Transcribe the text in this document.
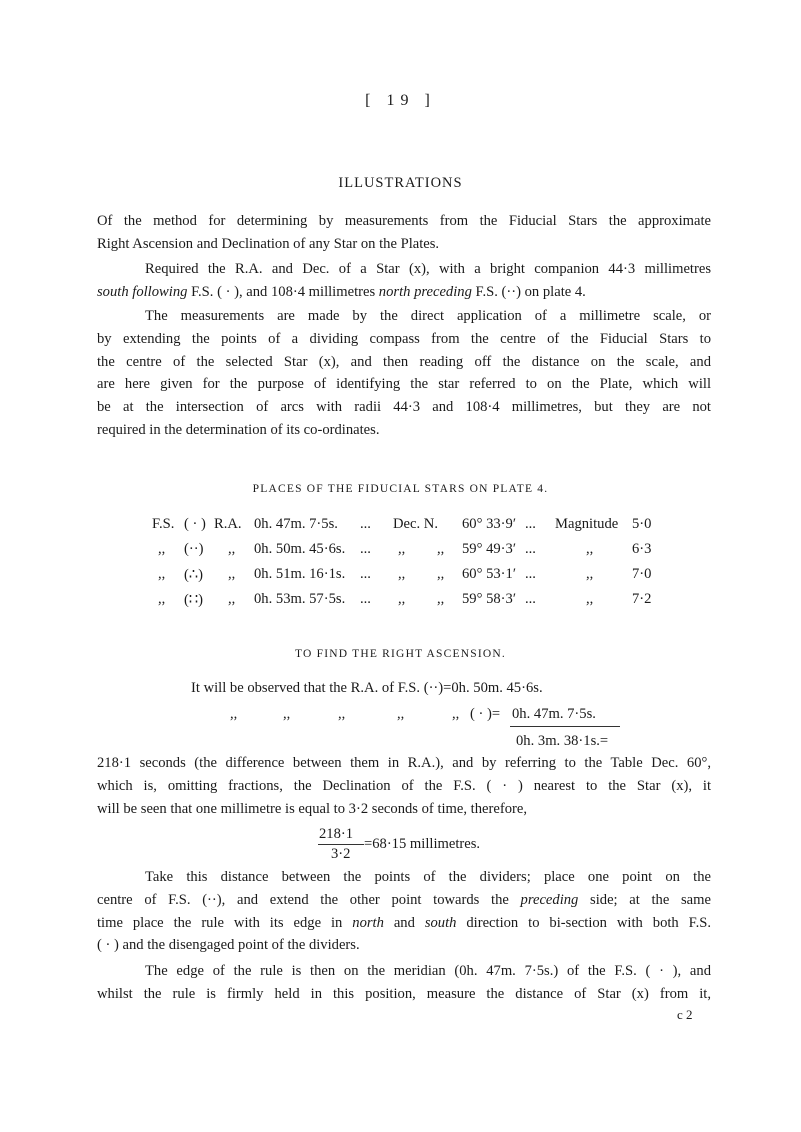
[ 19 ]
ILLUSTRATIONS
Of the method for determining by measurements from the Fiducial Stars the approximate
Right Ascension and Declination of any Star on the Plates.
Required the R.A. and Dec. of a Star (x), with a bright companion 44·3 millimetres
south following F.S. ( · ), and 108·4 millimetres north preceding F.S. (··) on plate 4.
The measurements are made by the direct application of a millimetre scale, or
by extending the points of a dividing compass from the centre of the Fiducial Stars to
the centre of the selected Star (x), and then reading off the distance on the scale, and
are here given for the purpose of identifying the star referred to on the Plate, which will
be at the intersection of arcs with radii 44·3 and 108·4 millimetres, but they are not
required in the determination of its co-ordinates.
PLACES OF THE FIDUCIAL STARS ON PLATE 4.
F.S. ( · ) R.A. 0h. 47m. 7·5s. ... Dec. N. 60° 33·9′ ... Magnitude 5·0
,, (··) ,, 0h. 50m. 45·6s. ... ,, ,, 59° 49·3′ ...	,,	6·3
,, (∴) ,, 0h. 51m. 16·1s. ... ,, ,, 60° 53·1′ ...	,,	7·0
,, (∷) ,, 0h. 53m. 57·5s. ... ,, ,, 59° 58·3′ ...	,,	7·2
TO FIND THE RIGHT ASCENSION.
It will be observed that the R.A. of F.S. (··)=0h. 50m. 45·6s.
,,	,,	,,	,,	,, ( · )= 0h. 47m. 7·5s.
0h. 3m. 38·1s.=
218·1 seconds (the difference between them in R.A.), and by referring to the Table Dec. 60°,
which is, omitting fractions, the Declination of the F.S. ( · ) nearest to the Star (x), it
will be seen that one millimetre is equal to 3·2 seconds of time, therefore,
218·1
3·2
=68·15 millimetres.
Take this distance between the points of the dividers; place one point on the
centre of F.S. (··), and extend the other point towards the preceding side; at the same
time place the rule with its edge in north and south direction to bi-section with both F.S.
( · ) and the disengaged point of the dividers.
The edge of the rule is then on the meridian (0h. 47m. 7·5s.) of the F.S. ( · ), and
whilst the rule is firmly held in this position, measure the distance of Star (x) from it,
c 2
